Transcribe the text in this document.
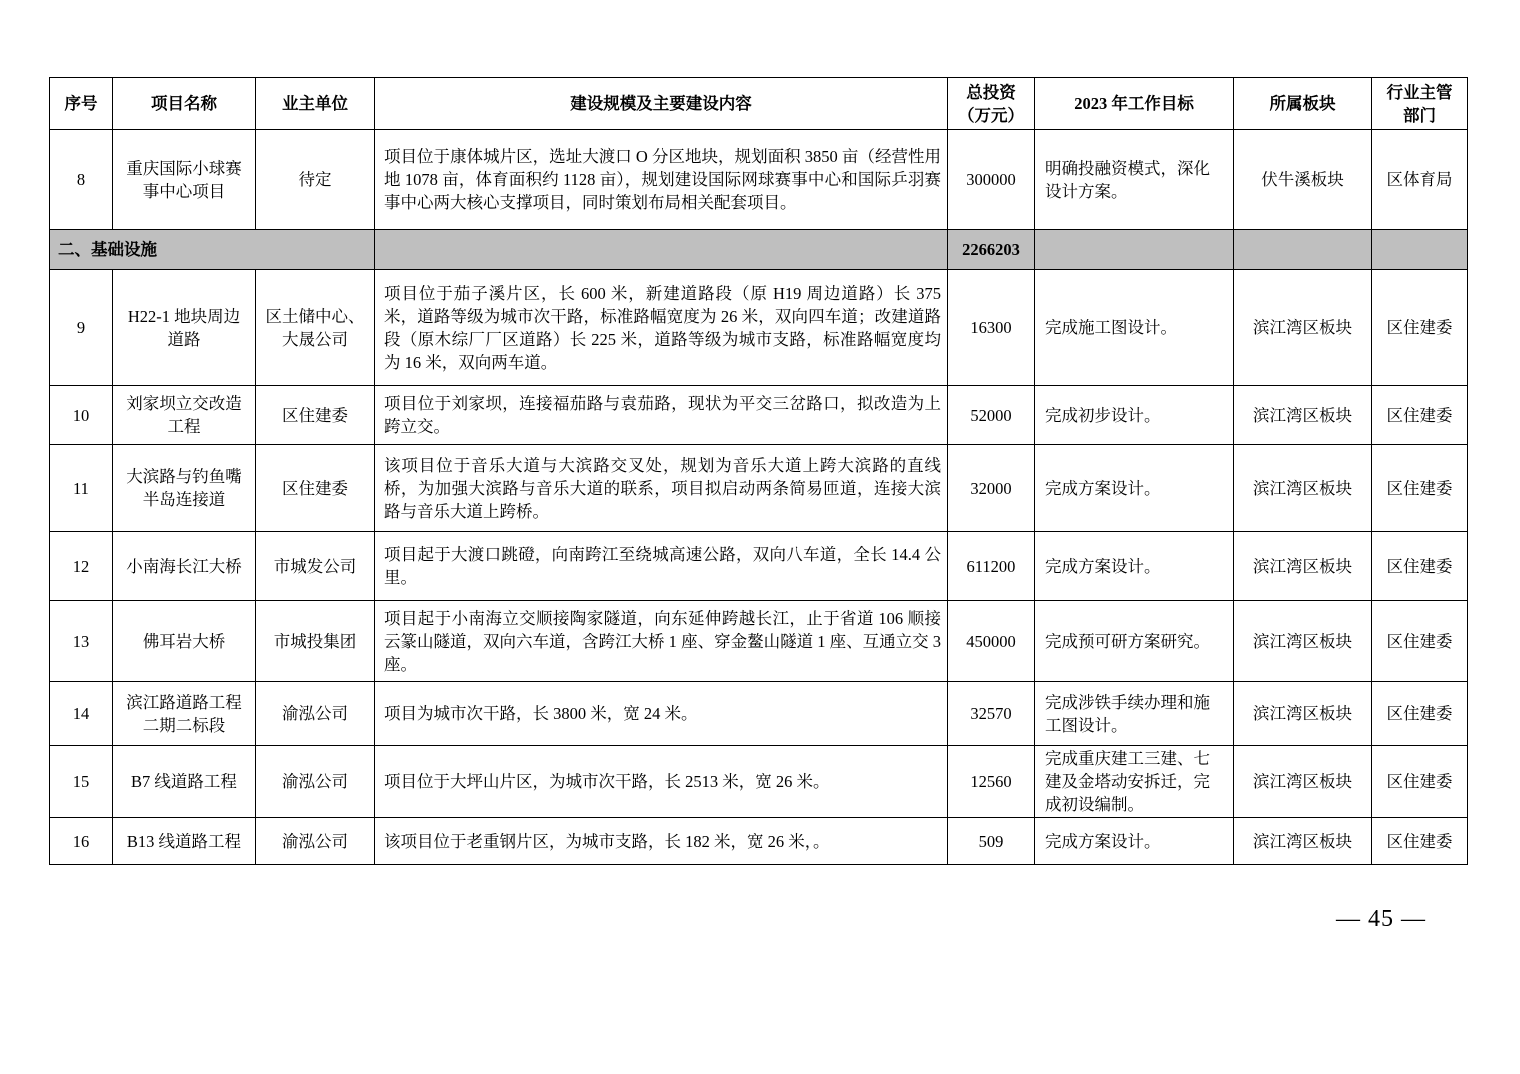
序号	项目名称	业主单位	建设规模及主要建设内容	总投资（万元）	2023 年工作目标	所属板块	行业主管部门
8	重庆国际小球赛事中心项目	待定	项目位于康体城片区，选址大渡口 O 分区地块，规划面积 3850 亩（经营性用地 1078 亩，体育面积约 1128 亩），规划建设国际网球赛事中心和国际乒羽赛事中心两大核心支撑项目，同时策划布局相关配套项目。	300000	明确投融资模式，深化设计方案。	伏牛溪板块	区体育局
二、基础设施				2266203			
9	H22-1 地块周边道路	区土储中心、大晟公司	项目位于茄子溪片区，长 600 米，新建道路段（原 H19 周边道路）长 375 米，道路等级为城市次干路，标准路幅宽度为 26 米，双向四车道；改建道路段（原木综厂厂区道路）长 225 米，道路等级为城市支路，标准路幅宽度均为 16 米，双向两车道。	16300	完成施工图设计。	滨江湾区板块	区住建委
10	刘家坝立交改造工程	区住建委	项目位于刘家坝，连接福茄路与袁茄路，现状为平交三岔路口，拟改造为上跨立交。	52000	完成初步设计。	滨江湾区板块	区住建委
11	大滨路与钓鱼嘴半岛连接道	区住建委	该项目位于音乐大道与大滨路交叉处，规划为音乐大道上跨大滨路的直线桥，为加强大滨路与音乐大道的联系，项目拟启动两条简易匝道，连接大滨路与音乐大道上跨桥。	32000	完成方案设计。	滨江湾区板块	区住建委
12	小南海长江大桥	市城发公司	项目起于大渡口跳磴，向南跨江至绕城高速公路，双向八车道，全长 14.4 公里。	611200	完成方案设计。	滨江湾区板块	区住建委
13	佛耳岩大桥	市城投集团	项目起于小南海立交顺接陶家隧道，向东延伸跨越长江，止于省道 106 顺接云篆山隧道，双向六车道，含跨江大桥 1 座、穿金鳌山隧道 1 座、互通立交 3 座。	450000	完成预可研方案研究。	滨江湾区板块	区住建委
14	滨江路道路工程二期二标段	渝泓公司	项目为城市次干路，长 3800 米，宽 24 米。	32570	完成涉铁手续办理和施工图设计。	滨江湾区板块	区住建委
15	B7 线道路工程	渝泓公司	项目位于大坪山片区，为城市次干路，长 2513 米，宽 26 米。	12560	完成重庆建工三建、七建及金塔动安拆迁，完成初设编制。	滨江湾区板块	区住建委
16	B13 线道路工程	渝泓公司	该项目位于老重钢片区，为城市支路，长 182 米，宽 26 米，。	509	完成方案设计。	滨江湾区板块	区住建委
— 45 —
